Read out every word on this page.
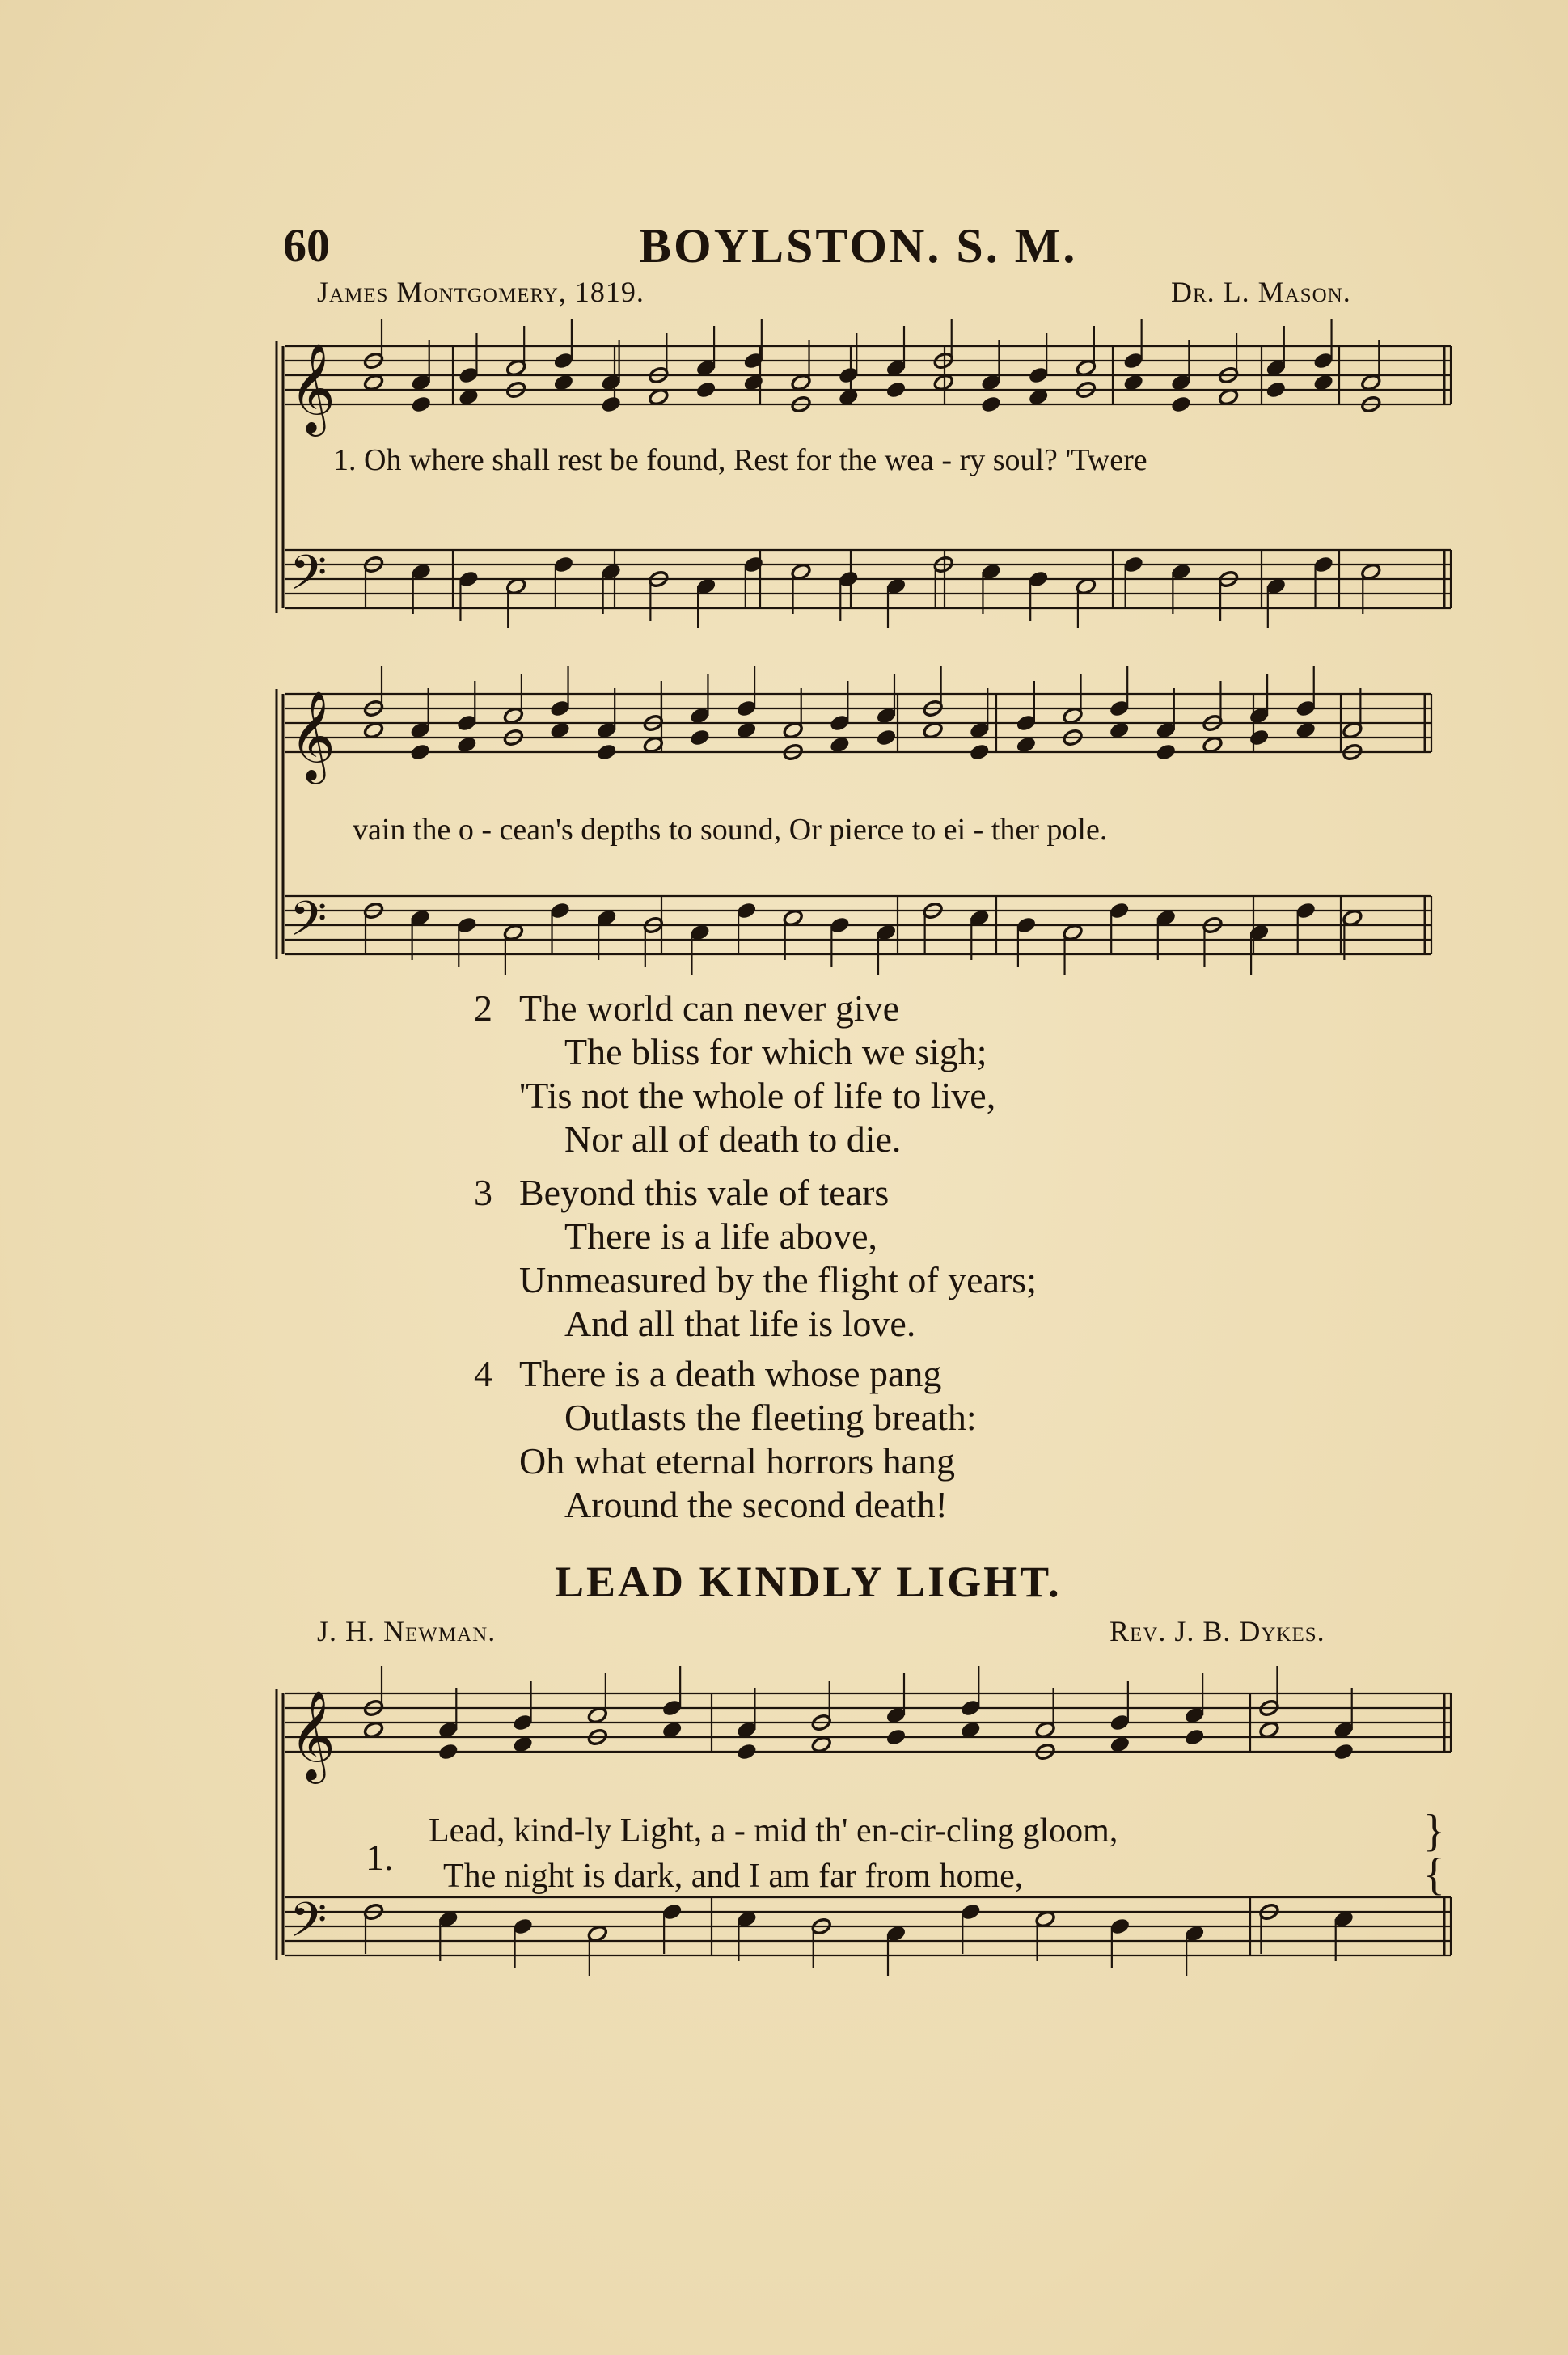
60	BOYLSTON. S. M.
James Montgomery, 1819.	Dr. L. Mason.
𝄞
𝄢
𝄞
𝄢
𝄞
𝄢
1. Oh where shall rest be found, Rest for the wea - ry soul? 'Twere
vain the o - cean's depths to sound, Or pierce to ei - ther pole.
2 The world can never give
The bliss for which we sigh;
'Tis not the whole of life to live,
Nor all of death to die.
3 Beyond this vale of tears
There is a life above,
Unmeasured by the flight of years;
And all that life is love.
4 There is a death whose pang
Outlasts the fleeting breath:
Oh what eternal horrors hang
Around the second death!
LEAD KINDLY LIGHT.
J. H. Newman.	Rev. J. B. Dykes.
1.
Lead, kind-ly Light, a - mid th' en-cir-cling gloom,
The night is dark, and I am far from home,
}
{
